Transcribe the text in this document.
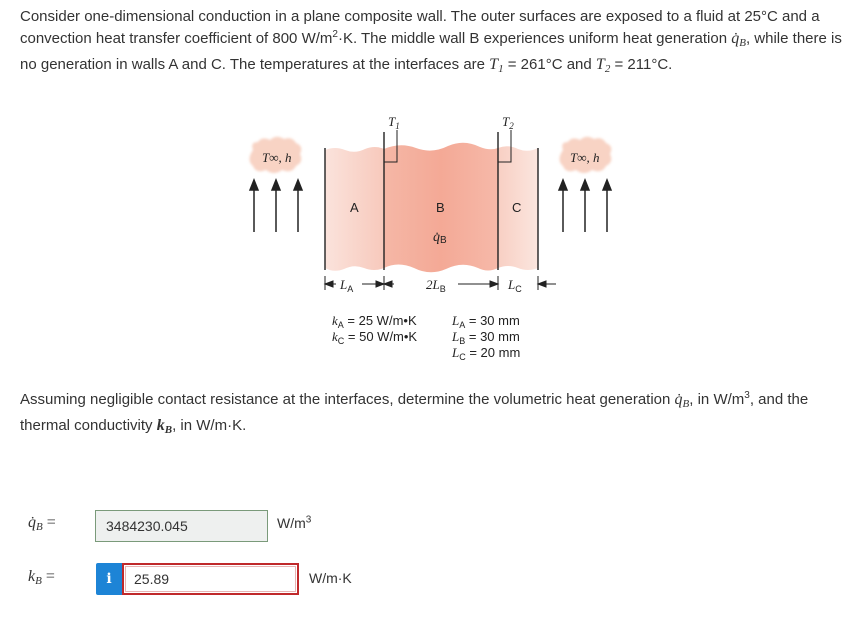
Consider one-dimensional conduction in a plane composite wall. The outer surfaces are exposed to a fluid at 25°C and a convection heat transfer coefficient of 800 $W/m^2\cdot K$. The middle wall B experiences uniform heat generation $q̇_B$, while there is no generation in walls A and C. The temperatures at the interfaces are $T_1 = 261^\circ C$ and $T_2 = 211^\circ C$.

$T_1$	$T_2$
T∞, h	T∞, h
A	B	C
q̇B
$L_A$	$2L_B$	$L_C$
$k_A = 25$ W/m•K
$k_C = 50$ W/m•K
$L_A = 30$ mm
$L_B = 30$ mm
$L_C = 20$ mm

Assuming negligible contact resistance at the interfaces, determine the volumetric heat generation $q̇_B$, in $W/m^3$, and the thermal conductivity $k_B$, in W/m·K.

$q̇_B$ =	3484230.045	$W/m^3$
$k_B$ =	i	25.89	W/m·K
